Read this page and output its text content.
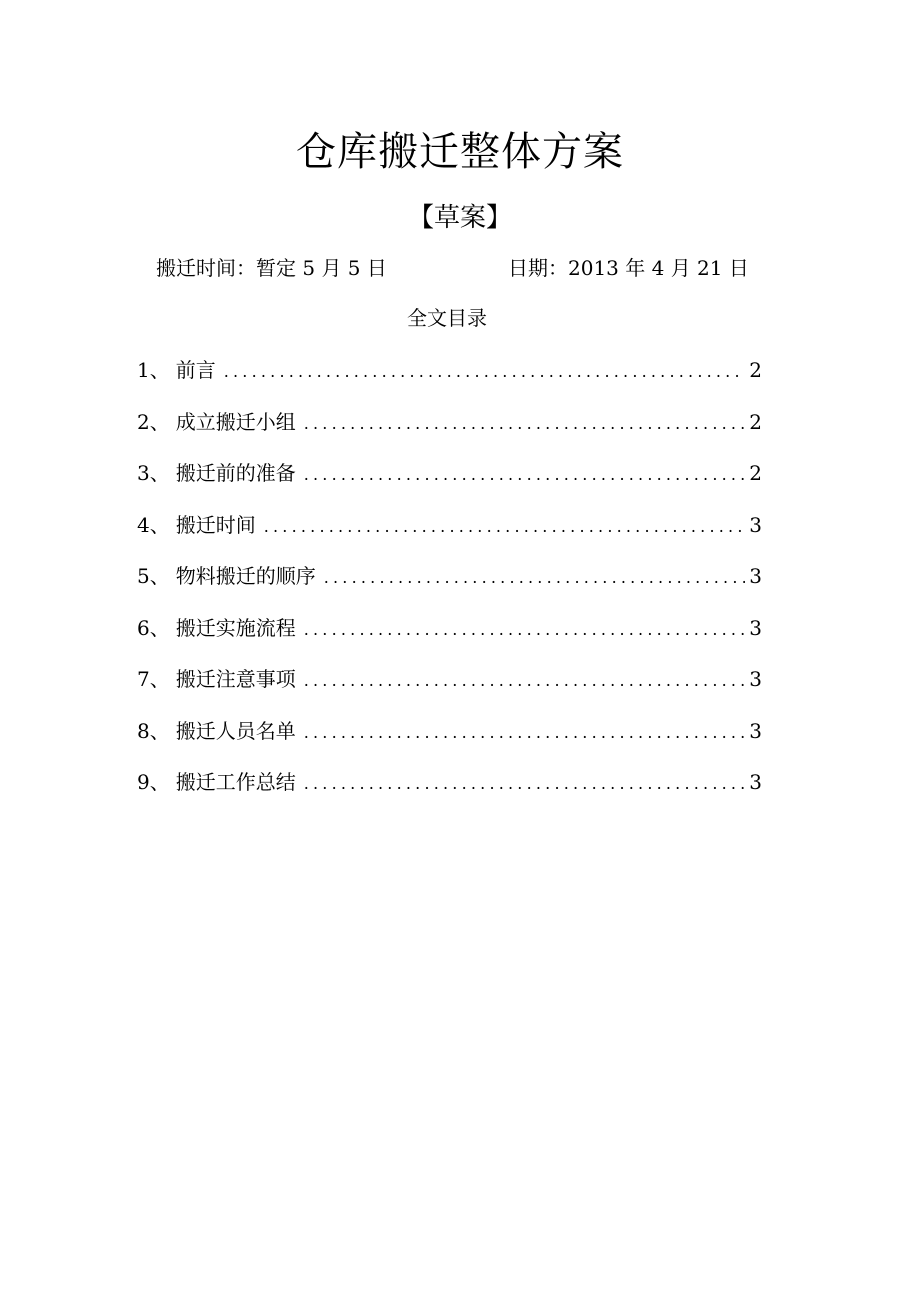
仓库搬迁整体方案
【草案】
搬迁时间：暂定 5 月 5 日	日期：2013 年 4 月 21 日
全文目录
1、 前言 .....	2
2、 成立搬迁小组 .....	2
3、 搬迁前的准备 .....	2
4、 搬迁时间 .....	3
5、 物料搬迁的顺序 .....	3
6、 搬迁实施流程 .....	3
7、 搬迁注意事项 .....	3
8、 搬迁人员名单 .....	3
9、 搬迁工作总结 .....	3
